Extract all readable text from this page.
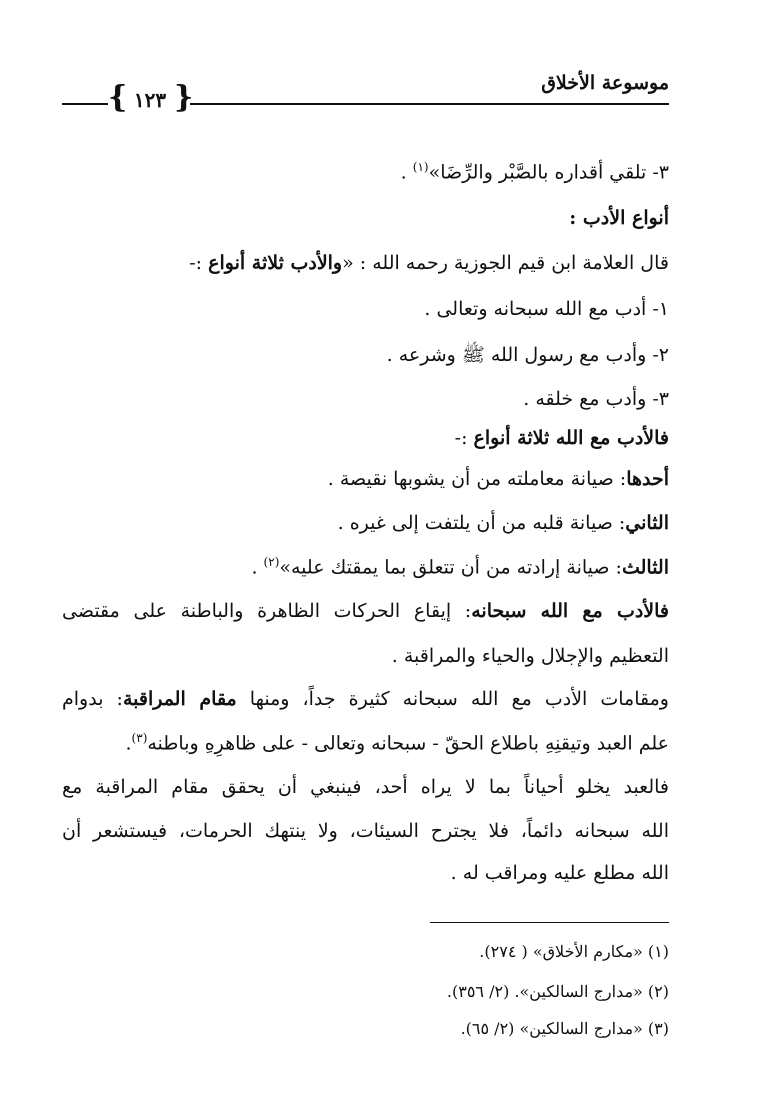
موسوعة الأخلاق
{ ١٢٣ }
٣- تلقي أقداره بالصَّبْر والرِّضَا»$^{(١)}$ .
أنواع الأدب :
قال العلامة ابن قيم الجوزية رحمه الله : «والأدب ثلاثة أنواع :-
١- أدب مع الله سبحانه وتعالى .
٢- وأدب مع رسول الله ﷺ وشرعه .
٣- وأدب مع خلقه .
فالأدب مع الله ثلاثة أنواع :-
أحدها: صيانة معاملته من أن يشوبها نقيصة .
الثاني: صيانة قلبه من أن يلتفت إلى غيره .
الثالث: صيانة إرادته من أن تتعلق بما يمقتك عليه»$^{(٢)}$ .
فالأدب مع الله سبحانه: إيقاع الحركات الظاهرة والباطنة على مقتضى
التعظيم والإجلال والحياء والمراقبة .
ومقامات الأدب مع الله سبحانه كثيرة جداً، ومنها مقام المراقبة: بدوام
علم العبد وتيقنِهِ باطلاع الحقّ - سبحانه وتعالى - على ظاهرِهِ وباطنه$^{(٣)}$.
فالعبد يخلو أحياناً بما لا يراه أحد، فينبغي أن يحقق مقام المراقبة مع
الله سبحانه دائماً، فلا يجترح السيئات، ولا ينتهك الحرمات، فيستشعر أن
الله مطلع عليه ومراقب له .
(١) «مكارم الأخلاق» ( ٢٧٤).
(٢) «مدارج السالكين». (٢/ ٣٥٦).
(٣) «مدارج السالكين» (٢/ ٦٥).
